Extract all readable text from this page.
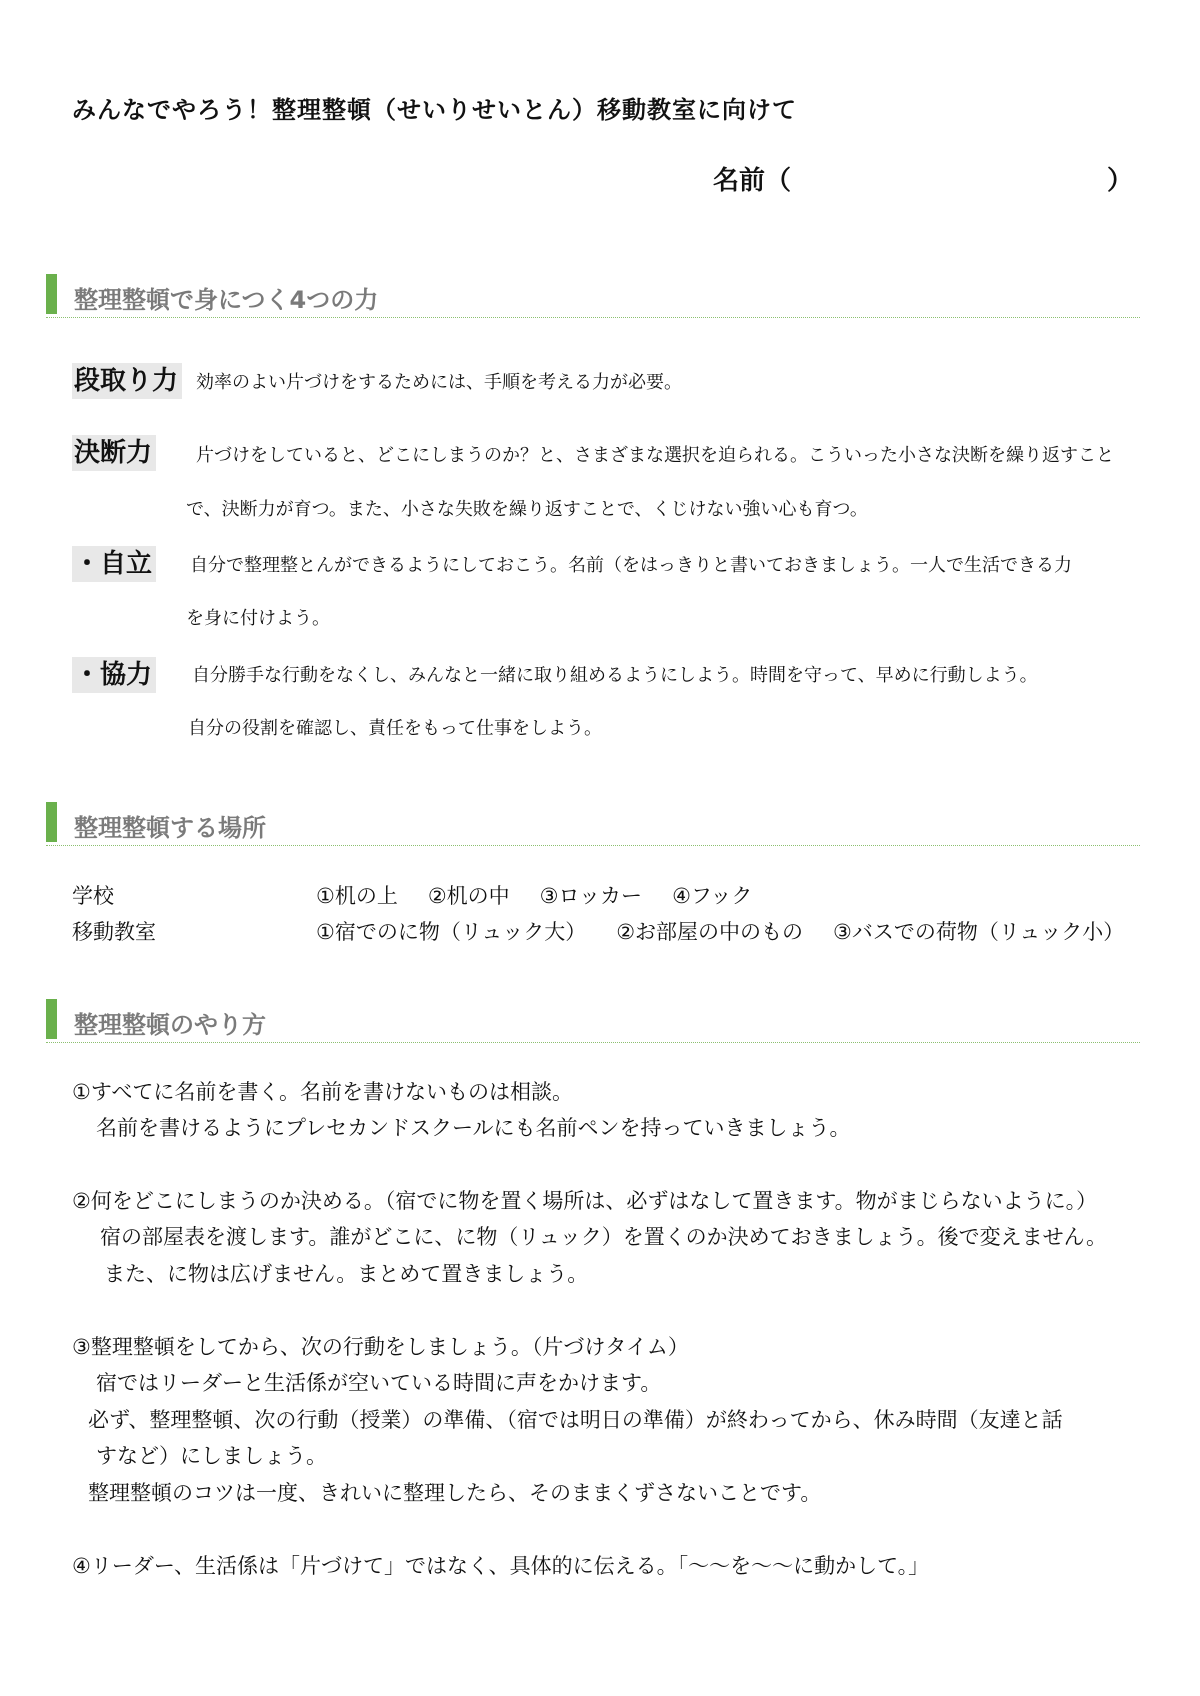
みんなでやろう！整理整頓（せいりせいとん）移動教室に向けて
名前（	）
整理整頓で身につく4つの力
段取り力 効率のよい片づけをするためには、手順を考える力が必要。
決断力 片づけをしていると、どこにしまうのか？と、さまざまな選択を迫られる。こういった小さな決断を繰り返すこと
で、決断力が育つ。また、小さな失敗を繰り返すことで、くじけない強い心も育つ。
・自立 自分で整理整とんができるようにしておこう。名前（をはっきりと書いておきましょう。一人で生活できる力
を身に付けよう。
・協力 自分勝手な行動をなくし、みんなと一緒に取り組めるようにしよう。時間を守って、早めに行動しよう。
自分の役割を確認し、責任をもって仕事をしよう。
整理整頓する場所
学校	①机の上 ②机の中 ③ロッカー ④フック
移動教室	①宿でのに物（リュック大） ②お部屋の中のもの ③バスでの荷物（リュック小）
整理整頓のやり方
①すべてに名前を書く。名前を書けないものは相談。
名前を書けるようにプレセカンドスクールにも名前ペンを持っていきましょう。
②何をどこにしまうのか決める。（宿でに物を置く場所は、必ずはなして置きます。物がまじらないように。）
宿の部屋表を渡します。誰がどこに、に物（リュック）を置くのか決めておきましょう。後で変えません。
また、に物は広げません。まとめて置きましょう。
③整理整頓をしてから、次の行動をしましょう。（片づけタイム）
宿ではリーダーと生活係が空いている時間に声をかけます。
必ず、整理整頓、次の行動（授業）の準備、（宿では明日の準備）が終わってから、休み時間（友達と話
すなど）にしましょう。
整理整頓のコツは一度、きれいに整理したら、そのままくずさないことです。
④リーダー、生活係は「片づけて」ではなく、具体的に伝える。「～～を～～に動かして。」
